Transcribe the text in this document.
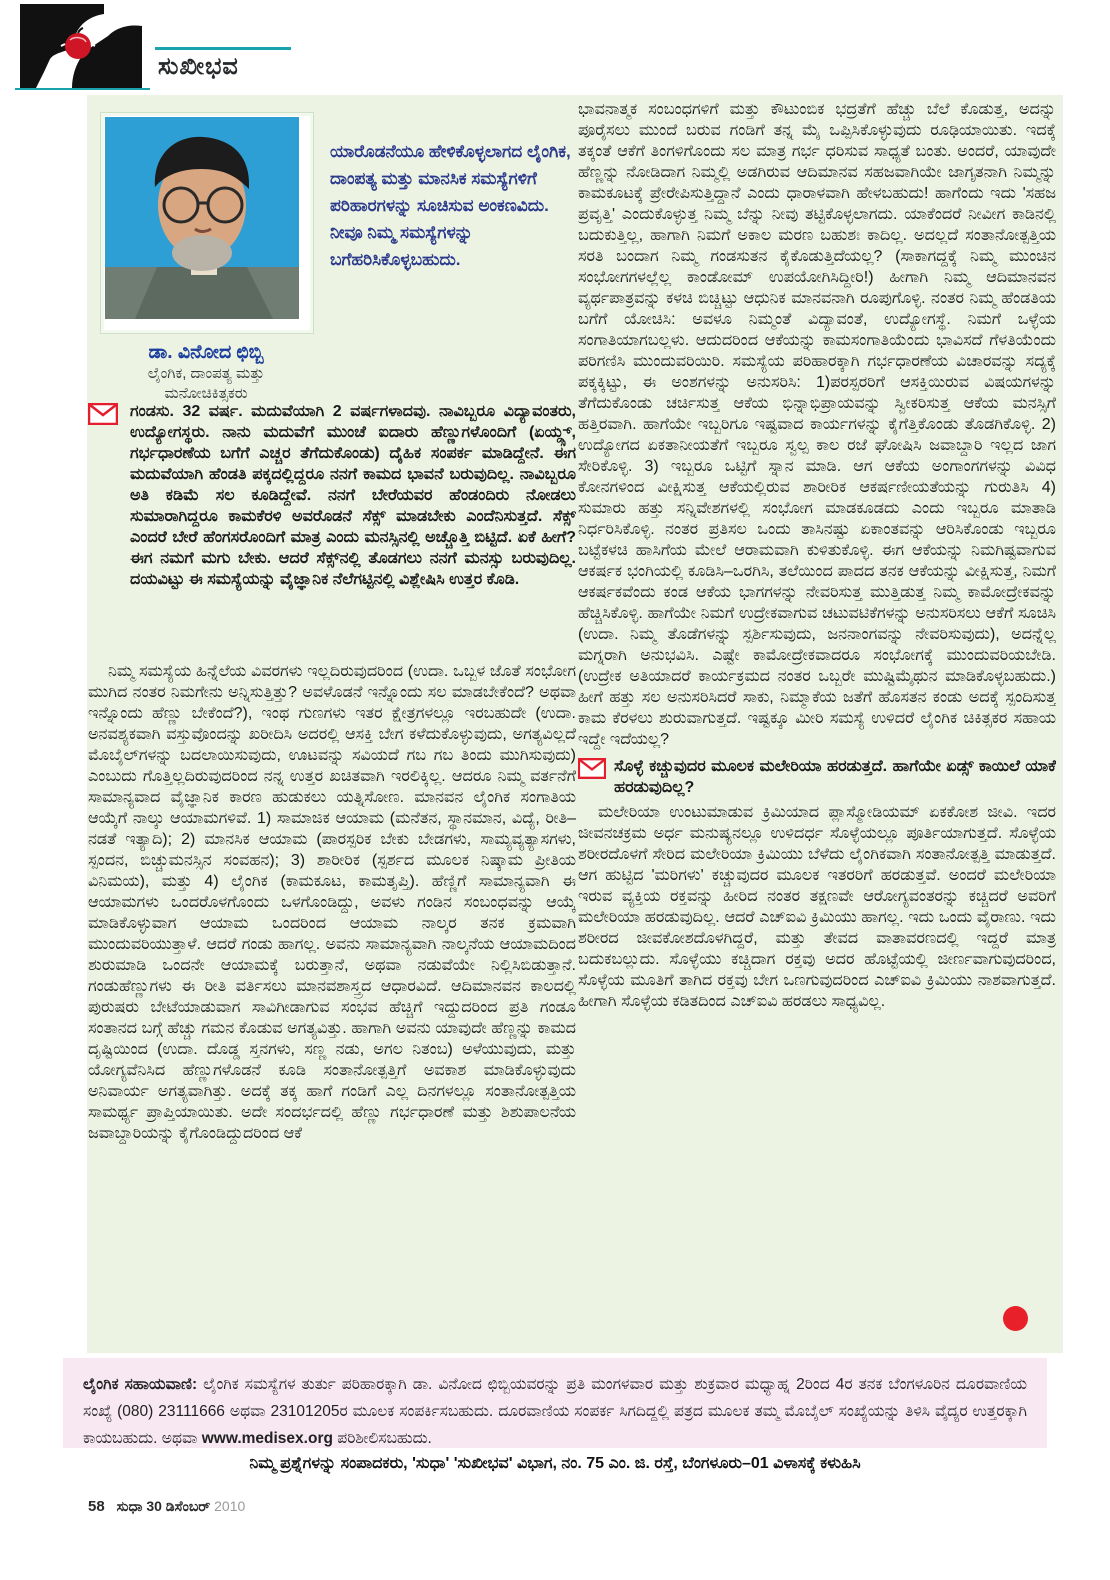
ಸುಖೀಭವ
ಡಾ. ವಿನೋದ ಛಿಬ್ಬಿ
ಲೈಂಗಿಕ, ದಾಂಪತ್ಯ ಮತ್ತು
ಮನೋಚಿಕಿತ್ಸಕರು
ಯಾರೊಡನೆಯೂ ಹೇಳಿಕೊಳ್ಳಲಾಗದ ಲೈಂಗಿಕ, ದಾಂಪತ್ಯ ಮತ್ತು ಮಾನಸಿಕ ಸಮಸ್ಯೆಗಳಿಗೆ ಪರಿಹಾರಗಳನ್ನು ಸೂಚಿಸುವ ಅಂಕಣವಿದು. ನೀವೂ ನಿಮ್ಮ ಸಮಸ್ಯೆಗಳನ್ನು ಬಗೆಹರಿಸಿಕೊಳ್ಳಬಹುದು.
ಗಂಡಸು. 32 ವರ್ಷ. ಮದುವೆಯಾಗಿ 2 ವರ್ಷಗಳಾದವು. ನಾವಿಬ್ಬರೂ ವಿದ್ಯಾವಂತರು, ಉದ್ಯೋಗಸ್ಥರು. ನಾನು ಮದುವೆಗೆ ಮುಂಚೆ ಐದಾರು ಹೆಣ್ಣುಗಳೊಂದಿಗೆ (ಏಯ್ಡ್ಸ್, ಗರ್ಭಧಾರಣೆಯ ಬಗೆಗೆ ಎಚ್ಚರ ತೆಗೆದುಕೊಂಡು) ದೈಹಿಕ ಸಂಪರ್ಕ ಮಾಡಿದ್ದೇನೆ. ಈಗ ಮದುವೆಯಾಗಿ ಹೆಂಡತಿ ಪಕ್ಕದಲ್ಲಿದ್ದರೂ ನನಗೆ ಕಾಮದ ಭಾವನೆ ಬರುವುದಿಲ್ಲ. ನಾವಿಬ್ಬರೂ ಅತಿ ಕಡಿಮೆ ಸಲ ಕೂಡಿದ್ದೇವೆ. ನನಗೆ ಬೇರೆಯವರ ಹೆಂಡಂದಿರು ನೋಡಲು ಸುಮಾರಾಗಿದ್ದರೂ ಕಾಮಕೆರಳಿ ಅವರೊಡನೆ ಸೆಕ್ಸ್ ಮಾಡಬೇಕು ಎಂದೆನಿಸುತ್ತದೆ. ಸೆಕ್ಸ್ ಎಂದರೆ ಬೇರೆ ಹೆಂಗಸರೊಂದಿಗೆ ಮಾತ್ರ ಎಂದು ಮನಸ್ಸಿನಲ್ಲಿ ಅಚ್ಚೊತ್ತಿ ಬಿಟ್ಟಿದೆ. ಏಕೆ ಹೀಗೆ? ಈಗ ನಮಗೆ ಮಗು ಬೇಕು. ಆದರೆ ಸೆಕ್ಸ್‌ನಲ್ಲಿ ತೊಡಗಲು ನನಗೆ ಮನಸ್ಸು ಬರುವುದಿಲ್ಲ. ದಯವಿಟ್ಟು ಈ ಸಮಸ್ಯೆಯನ್ನು ವೈಜ್ಞಾನಿಕ ನೆಲೆಗಟ್ಟಿನಲ್ಲಿ ವಿಶ್ಲೇಷಿಸಿ ಉತ್ತರ ಕೊಡಿ.
ನಿಮ್ಮ ಸಮಸ್ಯೆಯ ಹಿನ್ನೆಲೆಯ ವಿವರಗಳು ಇಲ್ಲದಿರುವುದರಿಂದ (ಉದಾ. ಒಬ್ಬಳ ಜೊತೆ ಸಂಭೋಗ ಮುಗಿದ ನಂತರ ನಿಮಗೇನು ಅನ್ನಿಸುತ್ತಿತ್ತು? ಅವಳೊಡನೆ ಇನ್ನೊಂದು ಸಲ ಮಾಡಬೇಕೆಂದೆ? ಅಥವಾ ಇನ್ನೊಂದು ಹೆಣ್ಣು ಬೇಕೆಂದೆ?), ಇಂಥ ಗುಣಗಳು ಇತರ ಕ್ಷೇತ್ರಗಳಲ್ಲೂ ಇರಬಹುದೇ (ಉದಾ. ಅನವಶ್ಯಕವಾಗಿ ವಸ್ತುವೊಂದನ್ನು ಖರೀದಿಸಿ ಅದರಲ್ಲಿ ಆಸಕ್ತಿ ಬೇಗ ಕಳೆದುಕೊಳ್ಳುವುದು, ಅಗತ್ಯವಿಲ್ಲದೆ ಮೊಬೈಲ್‌ಗಳನ್ನು ಬದಲಾಯಿಸುವುದು, ಊಟವನ್ನು ಸವಿಯದೆ ಗಬ ಗಬ ತಿಂದು ಮುಗಿಸುವುದು) ಎಂಬುದು ಗೊತ್ತಿಲ್ಲದಿರುವುದರಿಂದ ನನ್ನ ಉತ್ತರ ಖಚಿತವಾಗಿ ಇರಲಿಕ್ಕಿಲ್ಲ. ಆದರೂ ನಿಮ್ಮ ವರ್ತನೆಗೆ ಸಾಮಾನ್ಯವಾದ ವೈಜ್ಞಾನಿಕ ಕಾರಣ ಹುಡುಕಲು ಯತ್ನಿಸೋಣ. ಮಾನವನ ಲೈಂಗಿಕ ಸಂಗಾತಿಯ ಆಯ್ಕೆಗೆ ನಾಲ್ಕು ಆಯಾಮಗಳಿವೆ. 1) ಸಾಮಾಜಿಕ ಆಯಾಮ (ಮನೆತನ, ಸ್ಥಾನಮಾನ, ವಿದ್ಯೆ, ರೀತಿ–ನಡತೆ ಇತ್ಯಾದಿ); 2) ಮಾನಸಿಕ ಆಯಾಮ (ಪಾರಸ್ಪರಿಕ ಬೇಕು ಬೇಡಗಳು, ಸಾಮ್ಯವ್ಯತ್ಯಾಸಗಳು, ಸ್ಪಂದನ, ಬಿಚ್ಚುಮನಸ್ಸಿನ ಸಂವಹನ); 3) ಶಾರೀರಿಕ (ಸ್ಪರ್ಶದ ಮೂಲಕ ನಿಷ್ಕಾಮ ಪ್ರೀತಿಯ ವಿನಿಮಯ), ಮತ್ತು 4) ಲೈಂಗಿಕ (ಕಾಮಕೂಟ, ಕಾಮತೃಪ್ತಿ). ಹೆಣ್ಣಿಗೆ ಸಾಮಾನ್ಯವಾಗಿ ಈ ಆಯಾಮಗಳು ಒಂದರೊಳಗೊಂದು ಒಳಗೊಂಡಿದ್ದು, ಅವಳು ಗಂಡಿನ ಸಂಬಂಧವನ್ನು ಆಯ್ಕೆ ಮಾಡಿಕೊಳ್ಳುವಾಗ ಆಯಾಮ ಒಂದರಿಂದ ಆಯಾಮ ನಾಲ್ಕರ ತನಕ ಕ್ರಮವಾಗಿ ಮುಂದುವರಿಯುತ್ತಾಳೆ. ಆದರೆ ಗಂಡು ಹಾಗಲ್ಲ. ಅವನು ಸಾಮಾನ್ಯವಾಗಿ ನಾಲ್ಕನೆಯ ಆಯಾಮದಿಂದ ಶುರುಮಾಡಿ ಒಂದನೇ ಆಯಾಮಕ್ಕೆ ಬರುತ್ತಾನೆ, ಅಥವಾ ನಡುವೆಯೇ ನಿಲ್ಲಿಸಿಬಿಡುತ್ತಾನೆ. ಗಂಡುಹೆಣ್ಣುಗಳು ಈ ರೀತಿ ವರ್ತಿಸಲು ಮಾನವಶಾಸ್ತ್ರದ ಆಧಾರವಿದೆ. ಆದಿಮಾನವನ ಕಾಲದಲ್ಲಿ ಪುರುಷರು ಬೇಟೆಯಾಡುವಾಗ ಸಾವಿಗೀಡಾಗುವ ಸಂಭವ ಹೆಚ್ಚಿಗೆ ಇದ್ದುದರಿಂದ ಪ್ರತಿ ಗಂಡೂ ಸಂತಾನದ ಬಗ್ಗೆ ಹೆಚ್ಚು ಗಮನ ಕೊಡುವ ಅಗತ್ಯವಿತ್ತು. ಹಾಗಾಗಿ ಅವನು ಯಾವುದೇ ಹೆಣ್ಣನ್ನು ಕಾಮದ ದೃಷ್ಟಿಯಿಂದ (ಉದಾ. ದೊಡ್ಡ ಸ್ತನಗಳು, ಸಣ್ಣ ನಡು, ಅಗಲ ನಿತಂಬ) ಅಳೆಯುವುದು, ಮತ್ತು ಯೋಗ್ಯವೆನಿಸಿದ ಹೆಣ್ಣುಗಳೊಡನೆ ಕೂಡಿ ಸಂತಾನೋತ್ಪತ್ತಿಗೆ ಅವಕಾಶ ಮಾಡಿಕೊಳ್ಳುವುದು ಅನಿವಾರ್ಯ ಅಗತ್ಯವಾಗಿತ್ತು. ಅದಕ್ಕೆ ತಕ್ಕ ಹಾಗೆ ಗಂಡಿಗೆ ಎಲ್ಲ ದಿನಗಳಲ್ಲೂ ಸಂತಾನೋತ್ಪತ್ತಿಯ ಸಾಮರ್ಥ್ಯ ಪ್ರಾಪ್ತಿಯಾಯಿತು. ಅದೇ ಸಂದರ್ಭದಲ್ಲಿ ಹೆಣ್ಣು ಗರ್ಭಧಾರಣೆ ಮತ್ತು ಶಿಶುಪಾಲನೆಯ ಜವಾಬ್ದಾರಿಯನ್ನು ಕೈಗೊಂಡಿದ್ದುದರಿಂದ ಆಕೆ
ಭಾವನಾತ್ಮಕ ಸಂಬಂಧಗಳಿಗೆ ಮತ್ತು ಕೌಟುಂಬಿಕ ಭದ್ರತೆಗೆ ಹೆಚ್ಚು ಬೆಲೆ ಕೊಡುತ್ತ, ಅದನ್ನು ಪೂರೈಸಲು ಮುಂದೆ ಬರುವ ಗಂಡಿಗೆ ತನ್ನ ಮೈ ಒಪ್ಪಿಸಿಕೊಳ್ಳುವುದು ರೂಢಿಯಾಯಿತು. ಇದಕ್ಕೆ ತಕ್ಕಂತೆ ಆಕೆಗೆ ತಿಂಗಳಿಗೊಂದು ಸಲ ಮಾತ್ರ ಗರ್ಭ ಧರಿಸುವ ಸಾಧ್ಯತೆ ಬಂತು. ಅಂದರೆ, ಯಾವುದೇ ಹೆಣ್ಣನ್ನು ನೋಡಿದಾಗ ನಿಮ್ಮಲ್ಲಿ ಅಡಗಿರುವ ಆದಿಮಾನವ ಸಹಜವಾಗಿಯೇ ಜಾಗೃತನಾಗಿ ನಿಮ್ಮನ್ನು ಕಾಮಕೂಟಕ್ಕೆ ಪ್ರೇರೇಪಿಸುತ್ತಿದ್ದಾನೆ ಎಂದು ಧಾರಾಳವಾಗಿ ಹೇಳಬಹುದು! ಹಾಗೆಂದು ಇದು 'ಸಹಜ ಪ್ರವೃತ್ತಿ' ಎಂದುಕೊಳ್ಳುತ್ತ ನಿಮ್ಮ ಬೆನ್ನು ನೀವು ತಟ್ಟಿಕೊಳ್ಳಲಾಗದು. ಯಾಕೆಂದರೆ ನೀವೀಗ ಕಾಡಿನಲ್ಲಿ ಬದುಕುತ್ತಿಲ್ಲ, ಹಾಗಾಗಿ ನಿಮಗೆ ಅಕಾಲ ಮರಣ ಬಹುಶಃ ಕಾದಿಲ್ಲ. ಅದಲ್ಲದೆ ಸಂತಾನೋತ್ಪತ್ತಿಯ ಸರತಿ ಬಂದಾಗ ನಿಮ್ಮ ಗಂಡಸುತನ ಕೈಕೊಡುತ್ತಿದೆಯಲ್ಲ? (ಸಾಕಾಗದ್ದಕ್ಕೆ ನಿಮ್ಮ ಮುಂಚಿನ ಸಂಭೋಗಗಳಲ್ಲೆಲ್ಲ ಕಾಂಡೋಮ್ ಉಪಯೋಗಿಸಿದ್ದೀರಿ!) ಹೀಗಾಗಿ ನಿಮ್ಮ ಆದಿಮಾನವನ ವ್ಯರ್ಥಪಾತ್ರವನ್ನು ಕಳಚಿ ಬಿಚ್ಚಿಟ್ಟು ಆಧುನಿಕ ಮಾನವನಾಗಿ ರೂಪುಗೊಳ್ಳಿ. ನಂತರ ನಿಮ್ಮ ಹೆಂಡತಿಯ ಬಗೆಗೆ ಯೋಚಿಸಿ: ಅವಳೂ ನಿಮ್ಮಂತೆ ವಿದ್ಯಾವಂತೆ, ಉದ್ಯೋಗಸ್ಥೆ. ನಿಮಗೆ ಒಳ್ಳೆಯ ಸಂಗಾತಿಯಾಗಬಲ್ಲಳು. ಆದುದರಿಂದ ಆಕೆಯನ್ನು ಕಾಮಸಂಗಾತಿಯೆಂದು ಭಾವಿಸದೆ ಗೆಳತಿಯೆಂದು ಪರಿಗಣಿಸಿ ಮುಂದುವರಿಯಿರಿ. ಸಮಸ್ಯೆಯ ಪರಿಹಾರಕ್ಕಾಗಿ ಗರ್ಭಧಾರಣೆಯ ವಿಚಾರವನ್ನು ಸದ್ಯಕ್ಕೆ ಪಕ್ಕಕ್ಕಿಟ್ಟು, ಈ ಅಂಶಗಳನ್ನು ಅನುಸರಿಸಿ: 1)ಪರಸ್ಪರರಿಗೆ ಆಸಕ್ತಿಯಿರುವ ವಿಷಯಗಳನ್ನು ತೆಗೆದುಕೊಂಡು ಚರ್ಚಿಸುತ್ತ ಆಕೆಯ ಭಿನ್ನಾಭಿಪ್ರಾಯವನ್ನು ಸ್ವೀಕರಿಸುತ್ತ ಆಕೆಯ ಮನಸ್ಸಿಗೆ ಹತ್ತಿರವಾಗಿ. ಹಾಗೆಯೇ ಇಬ್ಬರಿಗೂ ಇಷ್ಟವಾದ ಕಾರ್ಯಗಳನ್ನು ಕೈಗೆತ್ತಿಕೊಂಡು ತೊಡಗಿಕೊಳ್ಳಿ. 2) ಉದ್ಯೋಗದ ಏಕತಾನೀಯತೆಗೆ ಇಬ್ಬರೂ ಸ್ವಲ್ಪ ಕಾಲ ರಜೆ ಘೋಷಿಸಿ ಜವಾಬ್ದಾರಿ ಇಲ್ಲದ ಜಾಗ ಸೇರಿಕೊಳ್ಳಿ. 3) ಇಬ್ಬರೂ ಒಟ್ಟಿಗೆ ಸ್ನಾನ ಮಾಡಿ. ಆಗ ಆಕೆಯ ಅಂಗಾಂಗಗಳನ್ನು ವಿವಿಧ ಕೋನಗಳಿಂದ ವೀಕ್ಷಿಸುತ್ತ ಆಕೆಯಲ್ಲಿರುವ ಶಾರೀರಿಕ ಆಕರ್ಷಣೀಯತೆಯನ್ನು ಗುರುತಿಸಿ 4) ಸುಮಾರು ಹತ್ತು ಸನ್ನಿವೇಶಗಳಲ್ಲಿ ಸಂಭೋಗ ಮಾಡಕೂಡದು ಎಂದು ಇಬ್ಬರೂ ಮಾತಾಡಿ ನಿರ್ಧರಿಸಿಕೊಳ್ಳಿ. ನಂತರ ಪ್ರತಿಸಲ ಒಂದು ತಾಸಿನಷ್ಟು ಏಕಾಂತವನ್ನು ಆರಿಸಿಕೊಂಡು ಇಬ್ಬರೂ ಬಟ್ಟೆಕಳಚಿ ಹಾಸಿಗೆಯ ಮೇಲೆ ಆರಾಮವಾಗಿ ಕುಳಿತುಕೊಳ್ಳಿ. ಈಗ ಆಕೆಯನ್ನು ನಿಮಗಿಷ್ಟವಾಗುವ ಆಕರ್ಷಕ ಭಂಗಿಯಲ್ಲಿ ಕೂಡಿಸಿ–ಒರಗಿಸಿ, ತಲೆಯಿಂದ ಪಾದದ ತನಕ ಆಕೆಯನ್ನು ವೀಕ್ಷಿಸುತ್ತ, ನಿಮಗೆ ಆಕರ್ಷಕವೆಂದು ಕಂಡ ಆಕೆಯ ಭಾಗಗಳನ್ನು ನೇವರಿಸುತ್ತ ಮುತ್ತಿಡುತ್ತ ನಿಮ್ಮ ಕಾಮೋದ್ರೇಕವನ್ನು ಹೆಚ್ಚಿಸಿಕೊಳ್ಳಿ. ಹಾಗೆಯೇ ನಿಮಗೆ ಉದ್ರೇಕವಾಗುವ ಚಟುವಟಿಕೆಗಳನ್ನು ಅನುಸರಿಸಲು ಆಕೆಗೆ ಸೂಚಿಸಿ (ಉದಾ. ನಿಮ್ಮ ತೊಡೆಗಳನ್ನು ಸ್ಪರ್ಶಿಸುವುದು, ಜನನಾಂಗವನ್ನು ನೇವರಿಸುವುದು), ಅದನ್ನೆಲ್ಲ ಮಗ್ನರಾಗಿ ಅನುಭವಿಸಿ. ಎಷ್ಟೇ ಕಾಮೋದ್ರೇಕವಾದರೂ ಸಂಭೋಗಕ್ಕೆ ಮುಂದುವರಿಯಬೇಡಿ. (ಉದ್ರೇಕ ಅತಿಯಾದರೆ ಕಾರ್ಯಕ್ರಮದ ನಂತರ ಒಬ್ಬರೇ ಮುಷ್ಟಿಮೈಥುನ ಮಾಡಿಕೊಳ್ಳಬಹುದು.) ಹೀಗೆ ಹತ್ತು ಸಲ ಅನುಸರಿಸಿದರೆ ಸಾಕು, ನಿಮ್ಮಾಕೆಯ ಜತೆಗೆ ಹೊಸತನ ಕಂಡು ಅದಕ್ಕೆ ಸ್ಪಂದಿಸುತ್ತ ಕಾಮ ಕೆರಳಲು ಶುರುವಾಗುತ್ತದೆ. ಇಷ್ಟಕ್ಕೂ ಮೀರಿ ಸಮಸ್ಯೆ ಉಳಿದರೆ ಲೈಂಗಿಕ ಚಿಕಿತ್ಸಕರ ಸಹಾಯ ಇದ್ದೇ ಇದೆಯಲ್ಲ?
ಸೊಳ್ಳೆ ಕಚ್ಚುವುದರ ಮೂಲಕ ಮಲೇರಿಯಾ ಹರಡುತ್ತದೆ. ಹಾಗೆಯೇ ಏಡ್ಸ್ ಕಾಯಿಲೆ ಯಾಕೆ ಹರಡುವುದಿಲ್ಲ?
ಮಲೇರಿಯಾ ಉಂಟುಮಾಡುವ ಕ್ರಿಮಿಯಾದ ಪ್ಲಾಸ್ಮೋಡಿಯಮ್ ಏಕಕೋಶ ಜೀವಿ. ಇದರ ಜೀವನಚಕ್ರಮ ಅರ್ಧ ಮನುಷ್ಯನಲ್ಲೂ ಉಳಿದರ್ಧ ಸೊಳ್ಳೆಯಲ್ಲೂ ಪೂರ್ತಿಯಾಗುತ್ತದೆ. ಸೊಳ್ಳೆಯ ಶರೀರದೊಳಗೆ ಸೇರಿದ ಮಲೇರಿಯಾ ಕ್ರಿಮಿಯು ಬೆಳೆದು ಲೈಂಗಿಕವಾಗಿ ಸಂತಾನೋತ್ಪತ್ತಿ ಮಾಡುತ್ತದೆ. ಆಗ ಹುಟ್ಟಿದ 'ಮರಿಗಳು' ಕಚ್ಚುವುದರ ಮೂಲಕ ಇತರರಿಗೆ ಹರಡುತ್ತವೆ. ಅಂದರೆ ಮಲೇರಿಯಾ ಇರುವ ವ್ಯಕ್ತಿಯ ರಕ್ತವನ್ನು ಹೀರಿದ ನಂತರ ತಕ್ಷಣವೇ ಆರೋಗ್ಯವಂತರನ್ನು ಕಚ್ಚಿದರೆ ಅವರಿಗೆ ಮಲೇರಿಯಾ ಹರಡುವುದಿಲ್ಲ. ಆದರೆ ಎಚ್‌ಐವಿ ಕ್ರಿಮಿಯು ಹಾಗಲ್ಲ. ಇದು ಒಂದು ವೈರಾಣು. ಇದು ಶರೀರದ ಜೀವಕೋಶದೊಳಗಿದ್ದರೆ, ಮತ್ತು ತೇವದ ವಾತಾವರಣದಲ್ಲಿ ಇದ್ದರೆ ಮಾತ್ರ ಬದುಕಬಲ್ಲುದು. ಸೊಳ್ಳೆಯು ಕಚ್ಚಿದಾಗ ರಕ್ತವು ಅದರ ಹೊಟ್ಟೆಯಲ್ಲಿ ಜೀರ್ಣವಾಗುವುದರಿಂದ, ಸೊಳ್ಳೆಯ ಮೂತಿಗೆ ತಾಗಿದ ರಕ್ತವು ಬೇಗ ಒಣಗುವುದರಿಂದ ಎಚ್‌ಐವಿ ಕ್ರಿಮಿಯು ನಾಶವಾಗುತ್ತದೆ. ಹೀಗಾಗಿ ಸೊಳ್ಳೆಯ ಕಡಿತದಿಂದ ಎಚ್‌ಐವಿ ಹರಡಲು ಸಾಧ್ಯವಿಲ್ಲ.
ಲೈಂಗಿಕ ಸಹಾಯವಾಣಿ: ಲೈಂಗಿಕ ಸಮಸ್ಯೆಗಳ ತುರ್ತು ಪರಿಹಾರಕ್ಕಾಗಿ ಡಾ. ವಿನೋದ ಛಿಬ್ಬಿಯವರನ್ನು ಪ್ರತಿ ಮಂಗಳವಾರ ಮತ್ತು ಶುಕ್ರವಾರ ಮಧ್ಯಾಹ್ನ 2ರಿಂದ 4ರ ತನಕ ಬೆಂಗಳೂರಿನ ದೂರವಾಣಿಯ ಸಂಖ್ಯೆ (080) 23111666 ಅಥವಾ 23101205ರ ಮೂಲಕ ಸಂಪರ್ಕಿಸಬಹುದು. ದೂರವಾಣಿಯ ಸಂಪರ್ಕ ಸಿಗದಿದ್ದಲ್ಲಿ ಪತ್ರದ ಮೂಲಕ ತಮ್ಮ ಮೊಬೈಲ್ ಸಂಖ್ಯೆಯನ್ನು ತಿಳಿಸಿ ವೈದ್ಯರ ಉತ್ತರಕ್ಕಾಗಿ ಕಾಯಬಹುದು. ಅಥವಾ www.medisex.org ಪರಿಶೀಲಿಸಬಹುದು.
ನಿಮ್ಮ ಪ್ರಶ್ನೆಗಳನ್ನು ಸಂಪಾದಕರು, 'ಸುಧಾ' 'ಸುಖೀಭವ' ವಿಭಾಗ, ನಂ. 75 ಎಂ. ಜಿ. ರಸ್ತೆ, ಬೆಂಗಳೂರು–01 ವಿಳಾಸಕ್ಕೆ ಕಳುಹಿಸಿ
58 ಸುಧಾ 30 ಡಿಸೆಂಬರ್ 2010
